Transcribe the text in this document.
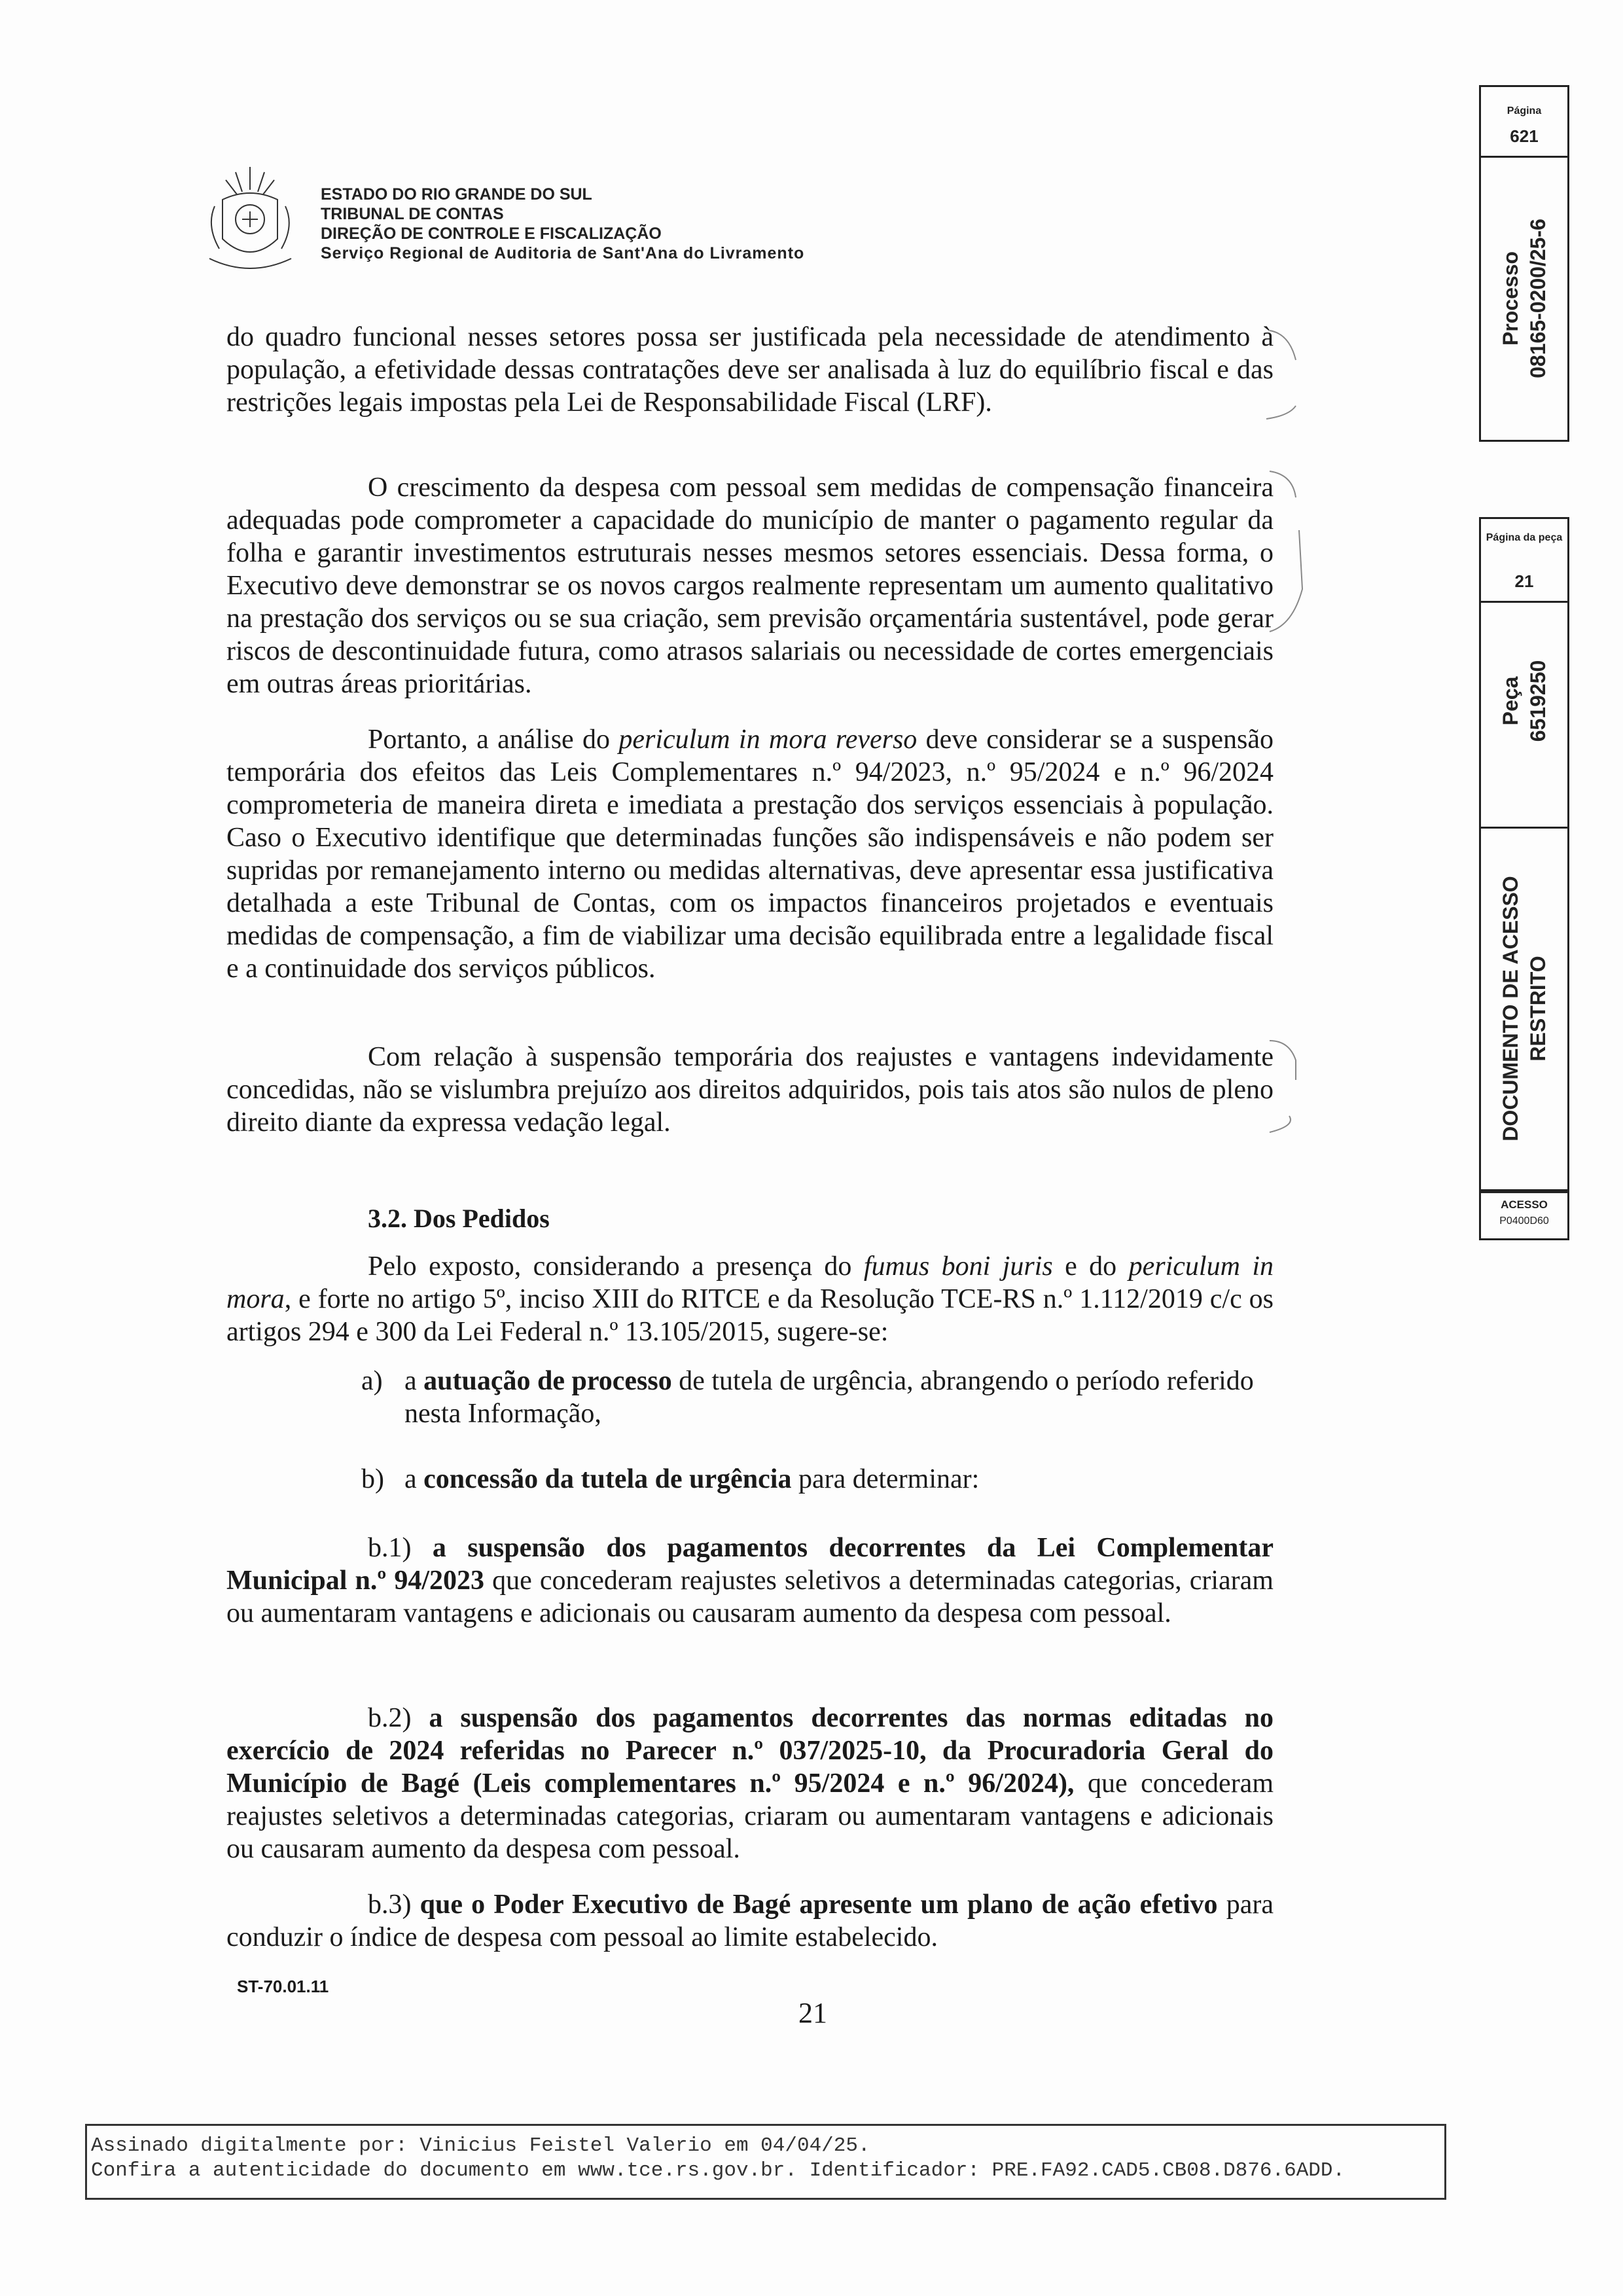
ESTADO DO RIO GRANDE DO SUL
TRIBUNAL DE CONTAS
DIREÇÃO DE CONTROLE E FISCALIZAÇÃO
Serviço Regional de Auditoria de Sant'Ana do Livramento

do quadro funcional nesses setores possa ser justificada pela necessidade de atendimento à população, a efetividade dessas contratações deve ser analisada à luz do equilíbrio fiscal e das restrições legais impostas pela Lei de Responsabilidade Fiscal (LRF).

O crescimento da despesa com pessoal sem medidas de compensação financeira adequadas pode comprometer a capacidade do município de manter o pagamento regular da folha e garantir investimentos estruturais nesses mesmos setores essenciais. Dessa forma, o Executivo deve demonstrar se os novos cargos realmente representam um aumento qualitativo na prestação dos serviços ou se sua criação, sem previsão orçamentária sustentável, pode gerar riscos de descontinuidade futura, como atrasos salariais ou necessidade de cortes emergenciais em outras áreas prioritárias.

Portanto, a análise do periculum in mora reverso deve considerar se a suspensão temporária dos efeitos das Leis Complementares n.º 94/2023, n.º 95/2024 e n.º 96/2024 comprometeria de maneira direta e imediata a prestação dos serviços essenciais à população. Caso o Executivo identifique que determinadas funções são indispensáveis e não podem ser supridas por remanejamento interno ou medidas alternativas, deve apresentar essa justificativa detalhada a este Tribunal de Contas, com os impactos financeiros projetados e eventuais medidas de compensação, a fim de viabilizar uma decisão equilibrada entre a legalidade fiscal e a continuidade dos serviços públicos.

Com relação à suspensão temporária dos reajustes e vantagens indevidamente concedidas, não se vislumbra prejuízo aos direitos adquiridos, pois tais atos são nulos de pleno direito diante da expressa vedação legal.

3.2. Dos Pedidos

Pelo exposto, considerando a presença do fumus boni juris e do periculum in mora, e forte no artigo 5º, inciso XIII do RITCE e da Resolução TCE-RS n.º 1.112/2019 c/c os artigos 294 e 300 da Lei Federal n.º 13.105/2015, sugere-se:

a) a autuação de processo de tutela de urgência, abrangendo o período referido nesta Informação,
b) a concessão da tutela de urgência para determinar:

b.1) a suspensão dos pagamentos decorrentes da Lei Complementar Municipal n.º 94/2023 que concederam reajustes seletivos a determinadas categorias, criaram ou aumentaram vantagens e adicionais ou causaram aumento da despesa com pessoal.

b.2) a suspensão dos pagamentos decorrentes das normas editadas no exercício de 2024 referidas no Parecer n.º 037/2025-10, da Procuradoria Geral do Município de Bagé (Leis complementares n.º 95/2024 e n.º 96/2024), que concederam reajustes seletivos a determinadas categorias, criaram ou aumentaram vantagens e adicionais ou causaram aumento da despesa com pessoal.

b.3) que o Poder Executivo de Bagé apresente um plano de ação efetivo para conduzir o índice de despesa com pessoal ao limite estabelecido.

ST-70.01.11
21
Assinado digitalmente por: Vinicius Feistel Valerio em 04/04/25.
Confira a autenticidade do documento em www.tce.rs.gov.br. Identificador: PRE.FA92.CAD5.CB08.D876.6ADD.
Página
621
Processo 08165-0200/25-6
Página da peça
21
Peça 6519250
DOCUMENTO DE ACESSO RESTRITO
ACESSO
P0400D60
